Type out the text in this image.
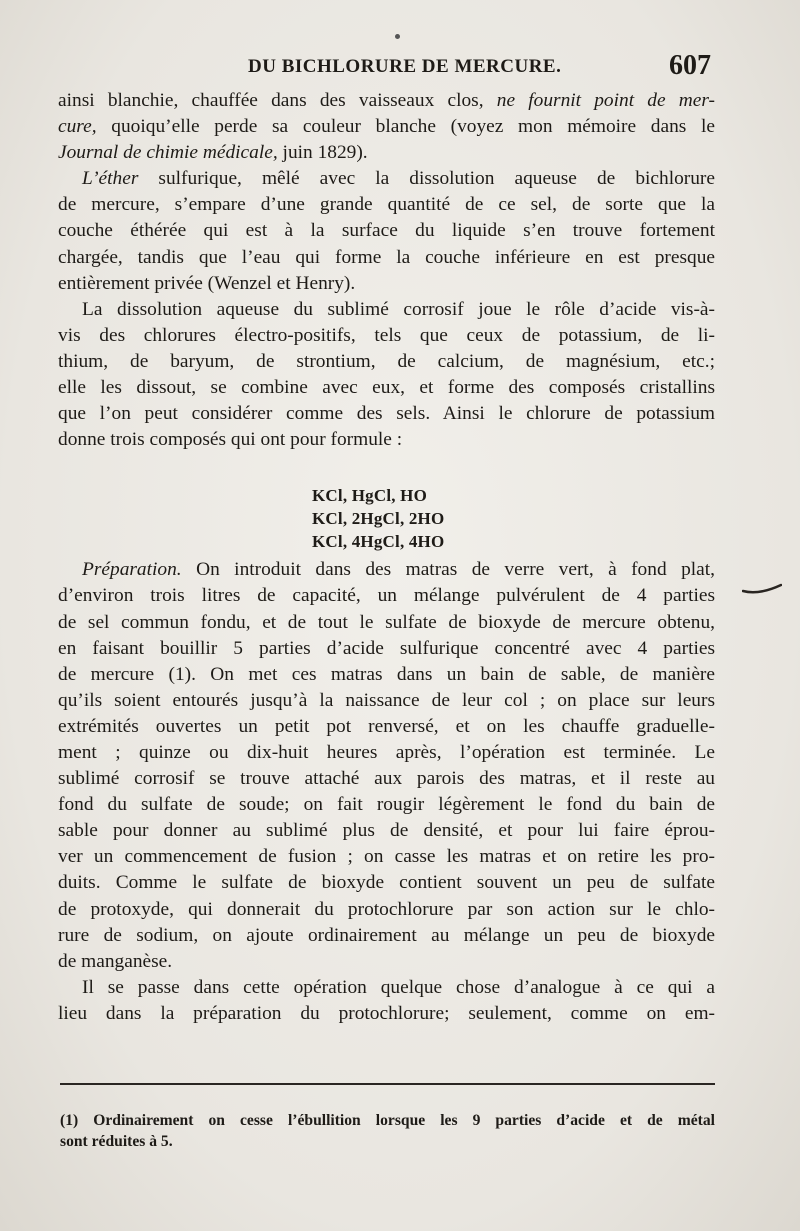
DU BICHLORURE DE MERCURE.	607
ainsi blanchie, chauffée dans des vaisseaux clos, ne fournit point de mer-
cure, quoiqu’elle perde sa couleur blanche (voyez mon mémoire dans le
Journal de chimie médicale, juin 1829).
L’éther sulfurique, mêlé avec la dissolution aqueuse de bichlorure
de mercure, s’empare d’une grande quantité de ce sel, de sorte que la
couche éthérée qui est à la surface du liquide s’en trouve fortement
chargée, tandis que l’eau qui forme la couche inférieure en est presque
entièrement privée (Wenzel et Henry).
La dissolution aqueuse du sublimé corrosif joue le rôle d’acide vis-à-
vis des chlorures électro-positifs, tels que ceux de potassium, de li-
thium, de baryum, de strontium, de calcium, de magnésium, etc.;
elle les dissout, se combine avec eux, et forme des composés cristallins
que l’on peut considérer comme des sels. Ainsi le chlorure de potassium
donne trois composés qui ont pour formule :
Préparation. On introduit dans des matras de verre vert, à fond plat,
d’environ trois litres de capacité, un mélange pulvérulent de 4 parties
de sel commun fondu, et de tout le sulfate de bioxyde de mercure obtenu,
en faisant bouillir 5 parties d’acide sulfurique concentré avec 4 parties
de mercure (1). On met ces matras dans un bain de sable, de manière
qu’ils soient entourés jusqu’à la naissance de leur col ; on place sur leurs
extrémités ouvertes un petit pot renversé, et on les chauffe graduelle-
ment ; quinze ou dix-huit heures après, l’opération est terminée. Le
sublimé corrosif se trouve attaché aux parois des matras, et il reste au
fond du sulfate de soude; on fait rougir légèrement le fond du bain de
sable pour donner au sublimé plus de densité, et pour lui faire éprou-
ver un commencement de fusion ; on casse les matras et on retire les pro-
duits. Comme le sulfate de bioxyde contient souvent un peu de sulfate
de protoxyde, qui donnerait du protochlorure par son action sur le chlo-
rure de sodium, on ajoute ordinairement au mélange un peu de bioxyde
de manganèse.
Il se passe dans cette opération quelque chose d’analogue à ce qui a
lieu dans la préparation du protochlorure; seulement, comme on em-
KCl, HgCl, HO
KCl, 2HgCl, 2HO
KCl, 4HgCl, 4HO
(1) Ordinairement on cesse l’ébullition lorsque les 9 parties d’acide et de métal
sont réduites à 5.
